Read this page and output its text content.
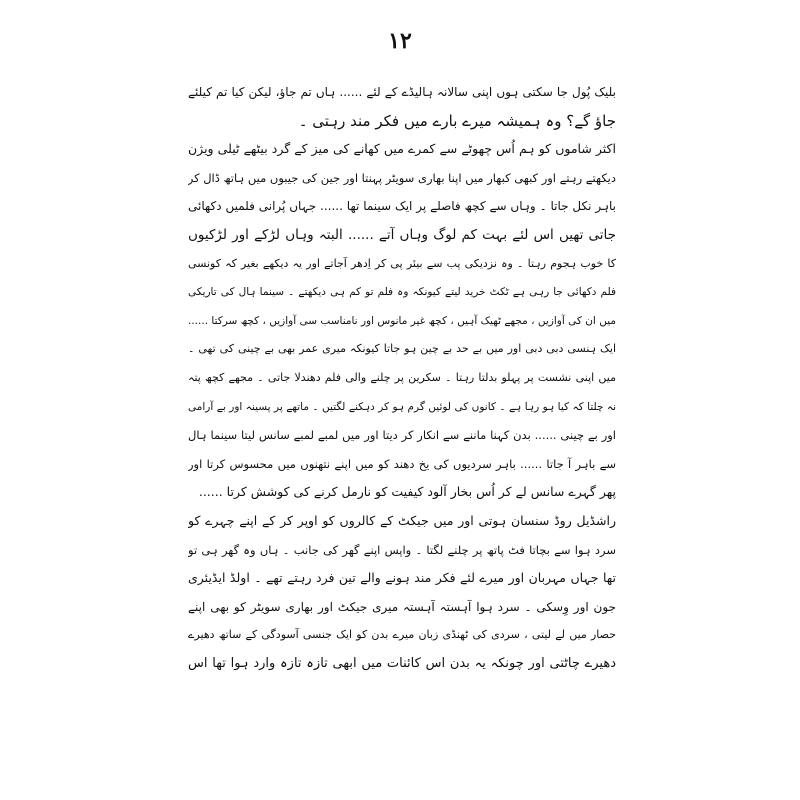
۱۲
بلیک پُول جا سکتی ہوں اپنی سالانہ ہالیڈے کے لئے ...... ہاں تم جاؤ، لیکن کیا تم کیلئے
جاؤ گے؟ وہ ہمیشہ میرے بارے میں فکر مند رہتی ۔
اکثر شاموں کو ہم اُس چھوٹے سے کمرے میں کھانے کی میز کے گرد بیٹھے ٹیلی ویژن
دیکھتے رہتے اور کبھی کبھار میں اپنا بھاری سویٹر پہنتا اور جین کی جیبوں میں ہاتھ ڈال کر
باہر نکل جاتا ۔ وہاں سے کچھ فاصلے پر ایک سینما تھا ...... جہاں پُرانی فلمیں دکھائی
جاتی تھیں اس لئے بہت کم لوگ وہاں آتے ...... البتہ وہاں لڑکے اور لڑکیوں
کا خوب ہجوم رہتا ۔ وہ نزدیکی پب سے بیئر پی کر اِدھر آجاتے اور یہ دیکھے بغیر کہ کونسی
فلم دکھائی جا رہی ہے ٹکٹ خرید لیتے کیونکہ وہ فلم تو کم ہی دیکھتے ۔ سینما ہال کی تاریکی
میں ان کی آوازیں ، مجھے ٹھیک آہیں ، کچھ غیر مانوس اور نامناسب سی آوازیں ، کچھ سرکتا ......
ایک ہنسی دبی دبی اور میں بے حد بے چین ہو جاتا کیونکہ میری عمر بھی بے چینی کی تھی ۔
میں اپنی نشست پر پہلو بدلتا رہتا ۔ سکرین پر چلنے والی فلم دھندلا جاتی ۔ مجھے کچھ پتہ
نہ چلتا کہ کیا ہو رہا ہے ۔ کانوں کی لوئیں گرم ہو کر دہکنے لگتیں ۔ ماتھے پر پسینہ اور بے آرامی
اور بے چینی ...... بدن کہنا ماننے سے انکار کر دیتا اور میں لمبے لمبے سانس لیتا سینما ہال
سے باہر آ جاتا ...... باہر سردیوں کی یخ دھند کو میں اپنے نتھنوں میں محسوس کرتا اور
پھر گہرے سانس لے کر اُس بخار آلود کیفیت کو نارمل کرنے کی کوشش کرتا ......
راشڈیل روڈ سنسان ہوتی اور میں جیکٹ کے کالروں کو اوپر کر کے اپنے چہرے کو
سرد ہوا سے بچاتا فٹ پاتھ پر چلنے لگتا ۔ واپس اپنے گھر کی جانب ۔ ہاں وہ گھر ہی تو
تھا جہاں مہربان اور میرے لئے فکر مند ہونے والے تین فرد رہتے تھے ۔ اولڈ ایڈیئری
جون اور وِسکی ۔ سرد ہوا آہستہ آہستہ میری جیکٹ اور بھاری سویٹر کو بھی اپنے
حصار میں لے لیتی ، سردی کی ٹھنڈی زبان میرے بدن کو ایک جنسی آسودگی کے ساتھ دھیرے
دھیرے چاٹتی اور چونکہ یہ بدن اس کائنات میں ابھی تازہ تازہ وارد ہوا تھا اس
